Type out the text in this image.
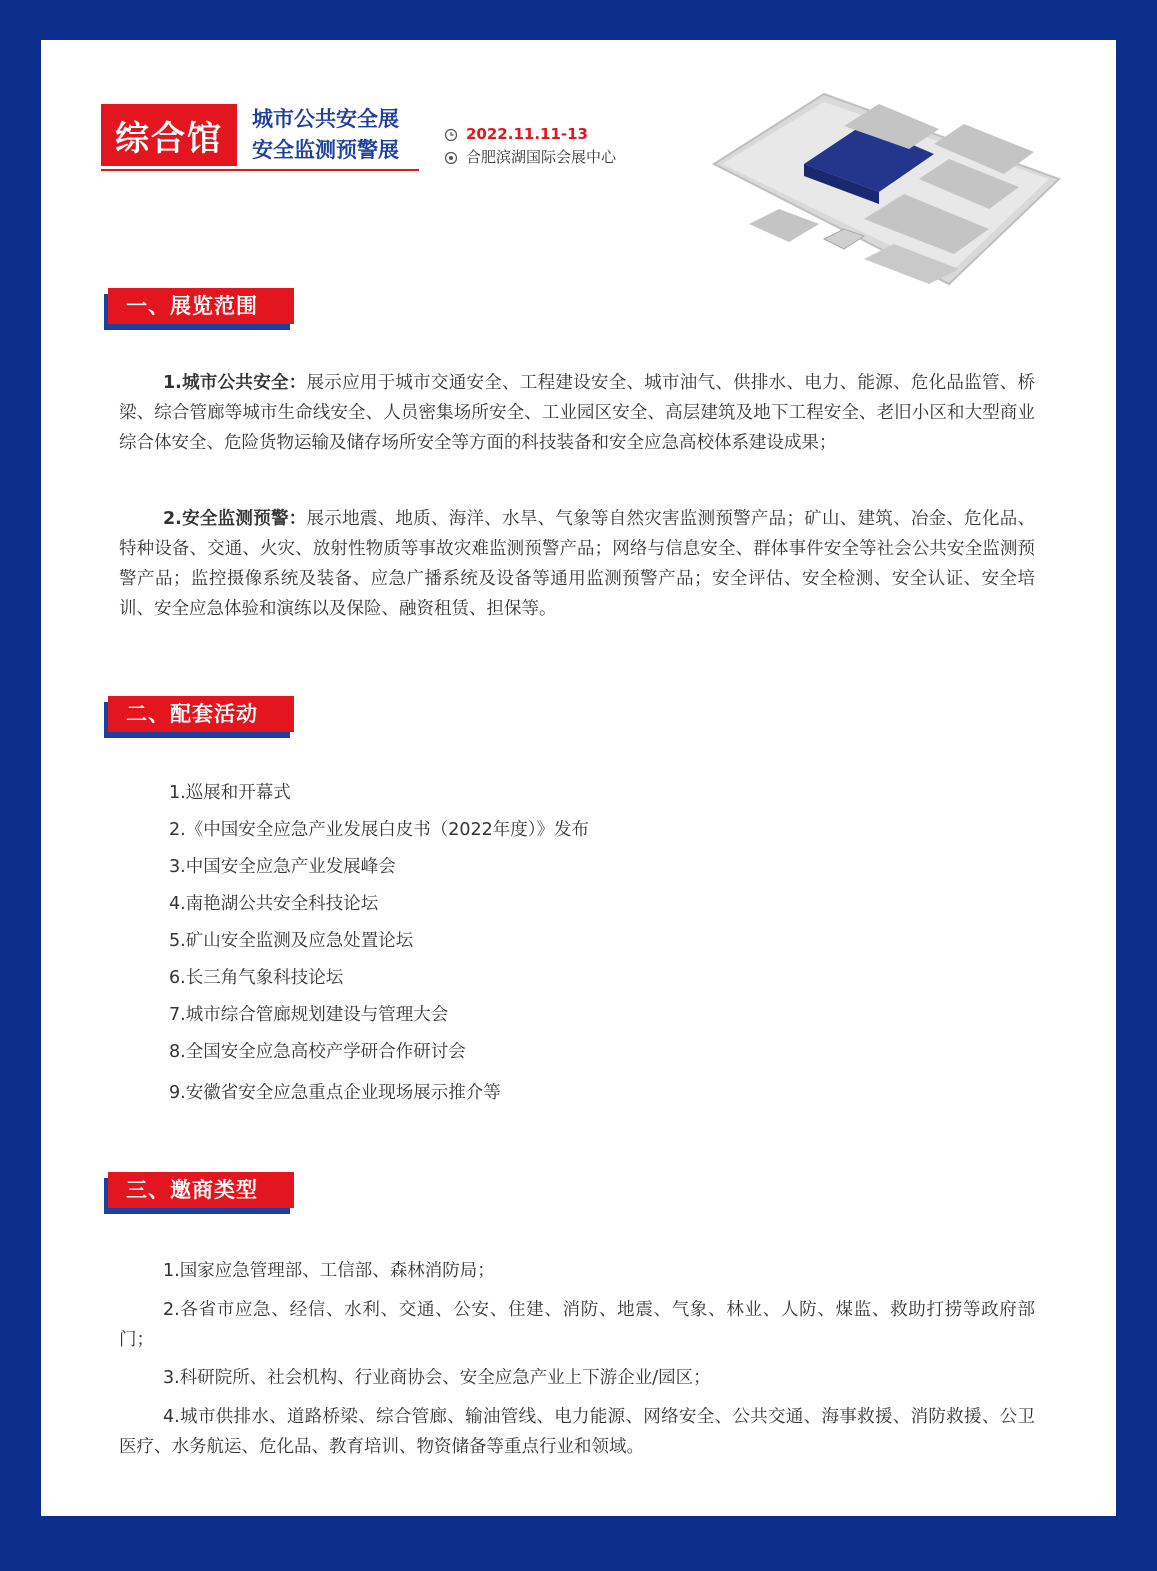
综合馆	城市公共安全展
安全监测预警展
2022.11.11-13
合肥滨湖国际会展中心
一、展览范围

1.城市公共安全：展示应用于城市交通安全、工程建设安全、城市油气、供排水、电力、能源、危化品监管、桥梁、综合管廊等城市生命线安全、人员密集场所安全、工业园区安全、高层建筑及地下工程安全、老旧小区和大型商业综合体安全、危险货物运输及储存场所安全等方面的科技装备和安全应急高校体系建设成果；

2.安全监测预警：展示地震、地质、海洋、水旱、气象等自然灾害监测预警产品；矿山、建筑、冶金、危化品、特种设备、交通、火灾、放射性物质等事故灾难监测预警产品；网络与信息安全、群体事件安全等社会公共安全监测预警产品；监控摄像系统及装备、应急广播系统及设备等通用监测预警产品；安全评估、安全检测、安全认证、安全培训、安全应急体验和演练以及保险、融资租赁、担保等。

二、配套活动
1.巡展和开幕式
2.《中国安全应急产业发展白皮书（2022年度）》发布
3.中国安全应急产业发展峰会
4.南艳湖公共安全科技论坛
5.矿山安全监测及应急处置论坛
6.长三角气象科技论坛
7.城市综合管廊规划建设与管理大会
8.全国安全应急高校产学研合作研讨会
9.安徽省安全应急重点企业现场展示推介等
三、邀商类型

1.国家应急管理部、工信部、森林消防局；

2.各省市应急、经信、水利、交通、公安、住建、消防、地震、气象、林业、人防、煤监、救助打捞等政府部门；

3.科研院所、社会机构、行业商协会、安全应急产业上下游企业/园区；

4.城市供排水、道路桥梁、综合管廊、输油管线、电力能源、网络安全、公共交通、海事救援、消防救援、公卫医疗、水务航运、危化品、教育培训、物资储备等重点行业和领域。
